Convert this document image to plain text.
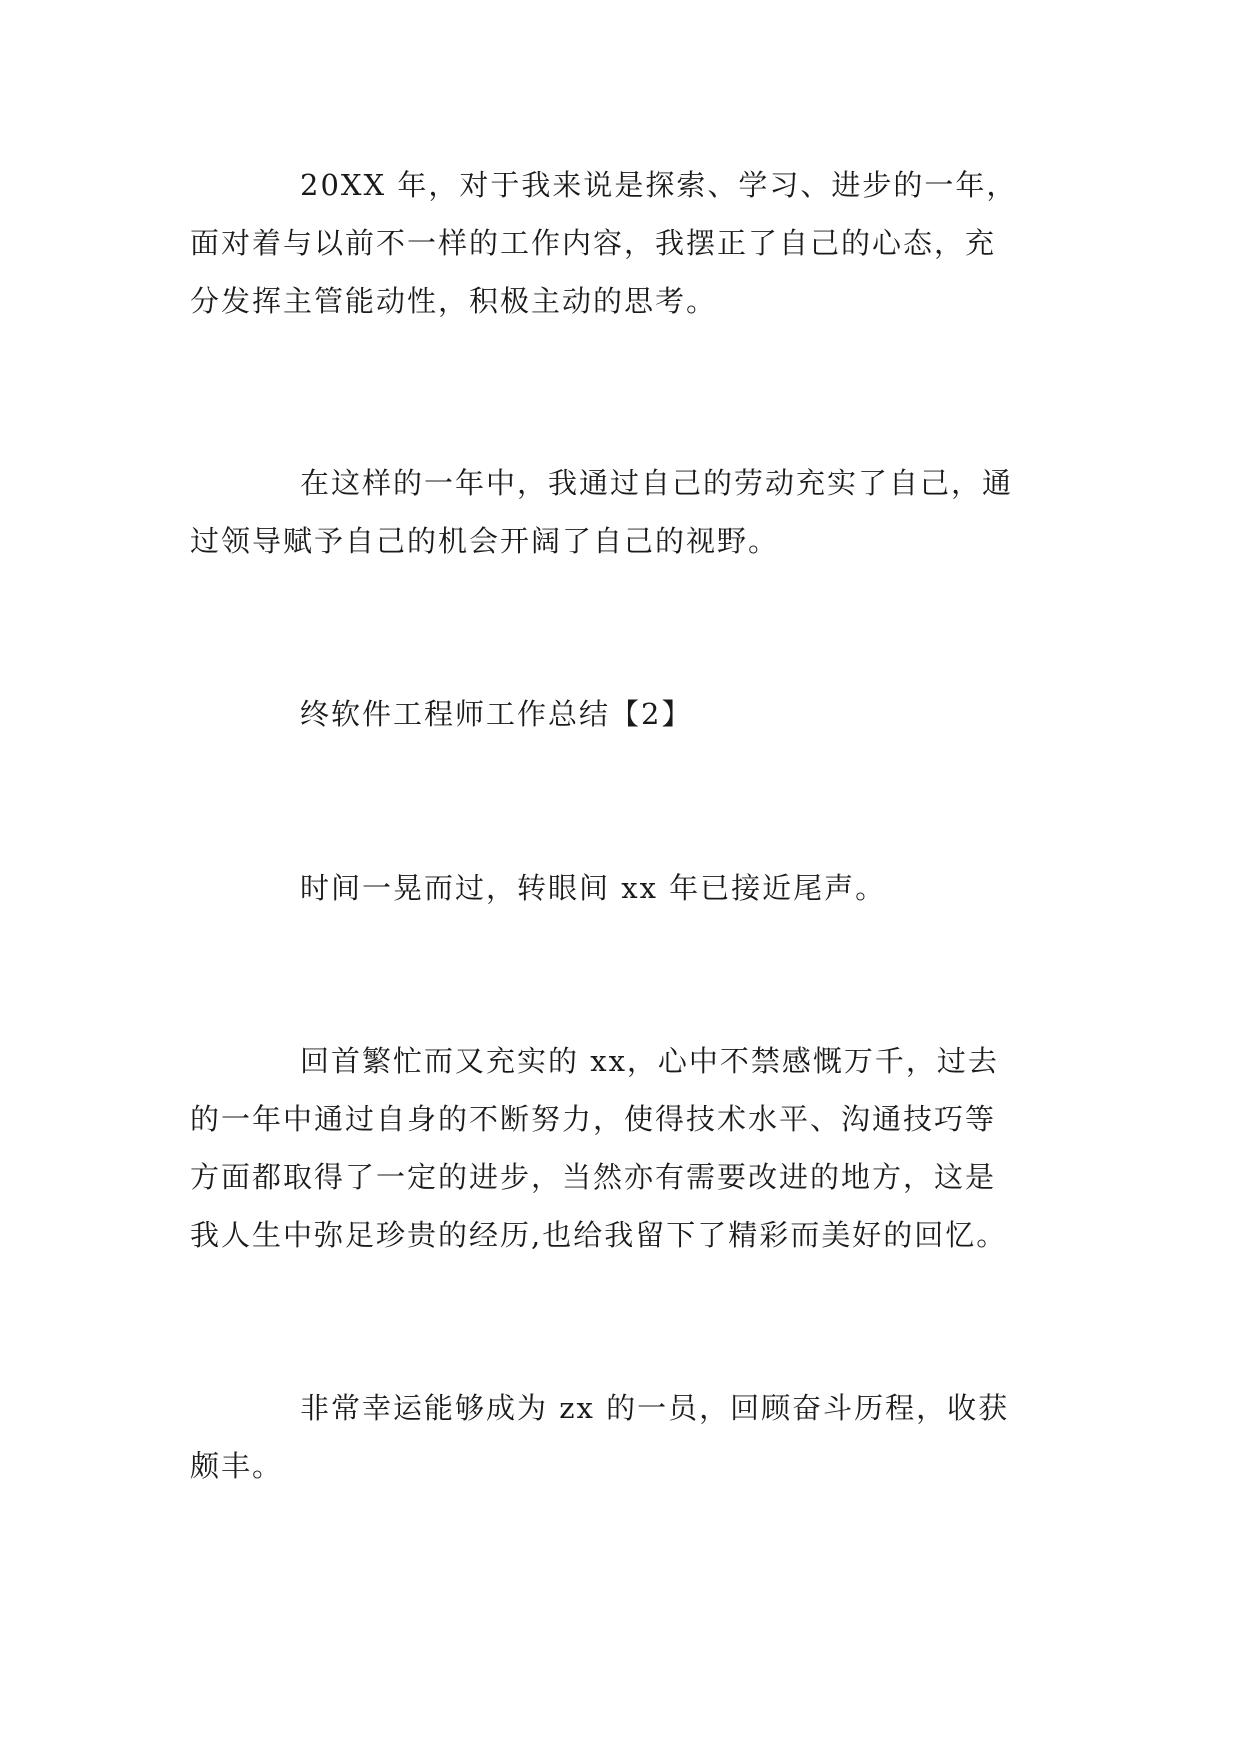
20XX 年，对于我来说是探索、学习、进步的一年，
面对着与以前不一样的工作内容，我摆正了自己的心态，充
分发挥主管能动性，积极主动的思考。
在这样的一年中，我通过自己的劳动充实了自己，通
过领导赋予自己的机会开阔了自己的视野。
终软件工程师工作总结【2】
时间一晃而过，转眼间 xx 年已接近尾声。
回首繁忙而又充实的 xx，心中不禁感慨万千，过去
的一年中通过自身的不断努力，使得技术水平、沟通技巧等
方面都取得了一定的进步，当然亦有需要改进的地方，这是
我人生中弥足珍贵的经历,也给我留下了精彩而美好的回忆。
非常幸运能够成为 zx 的一员，回顾奋斗历程，收获
颇丰。
